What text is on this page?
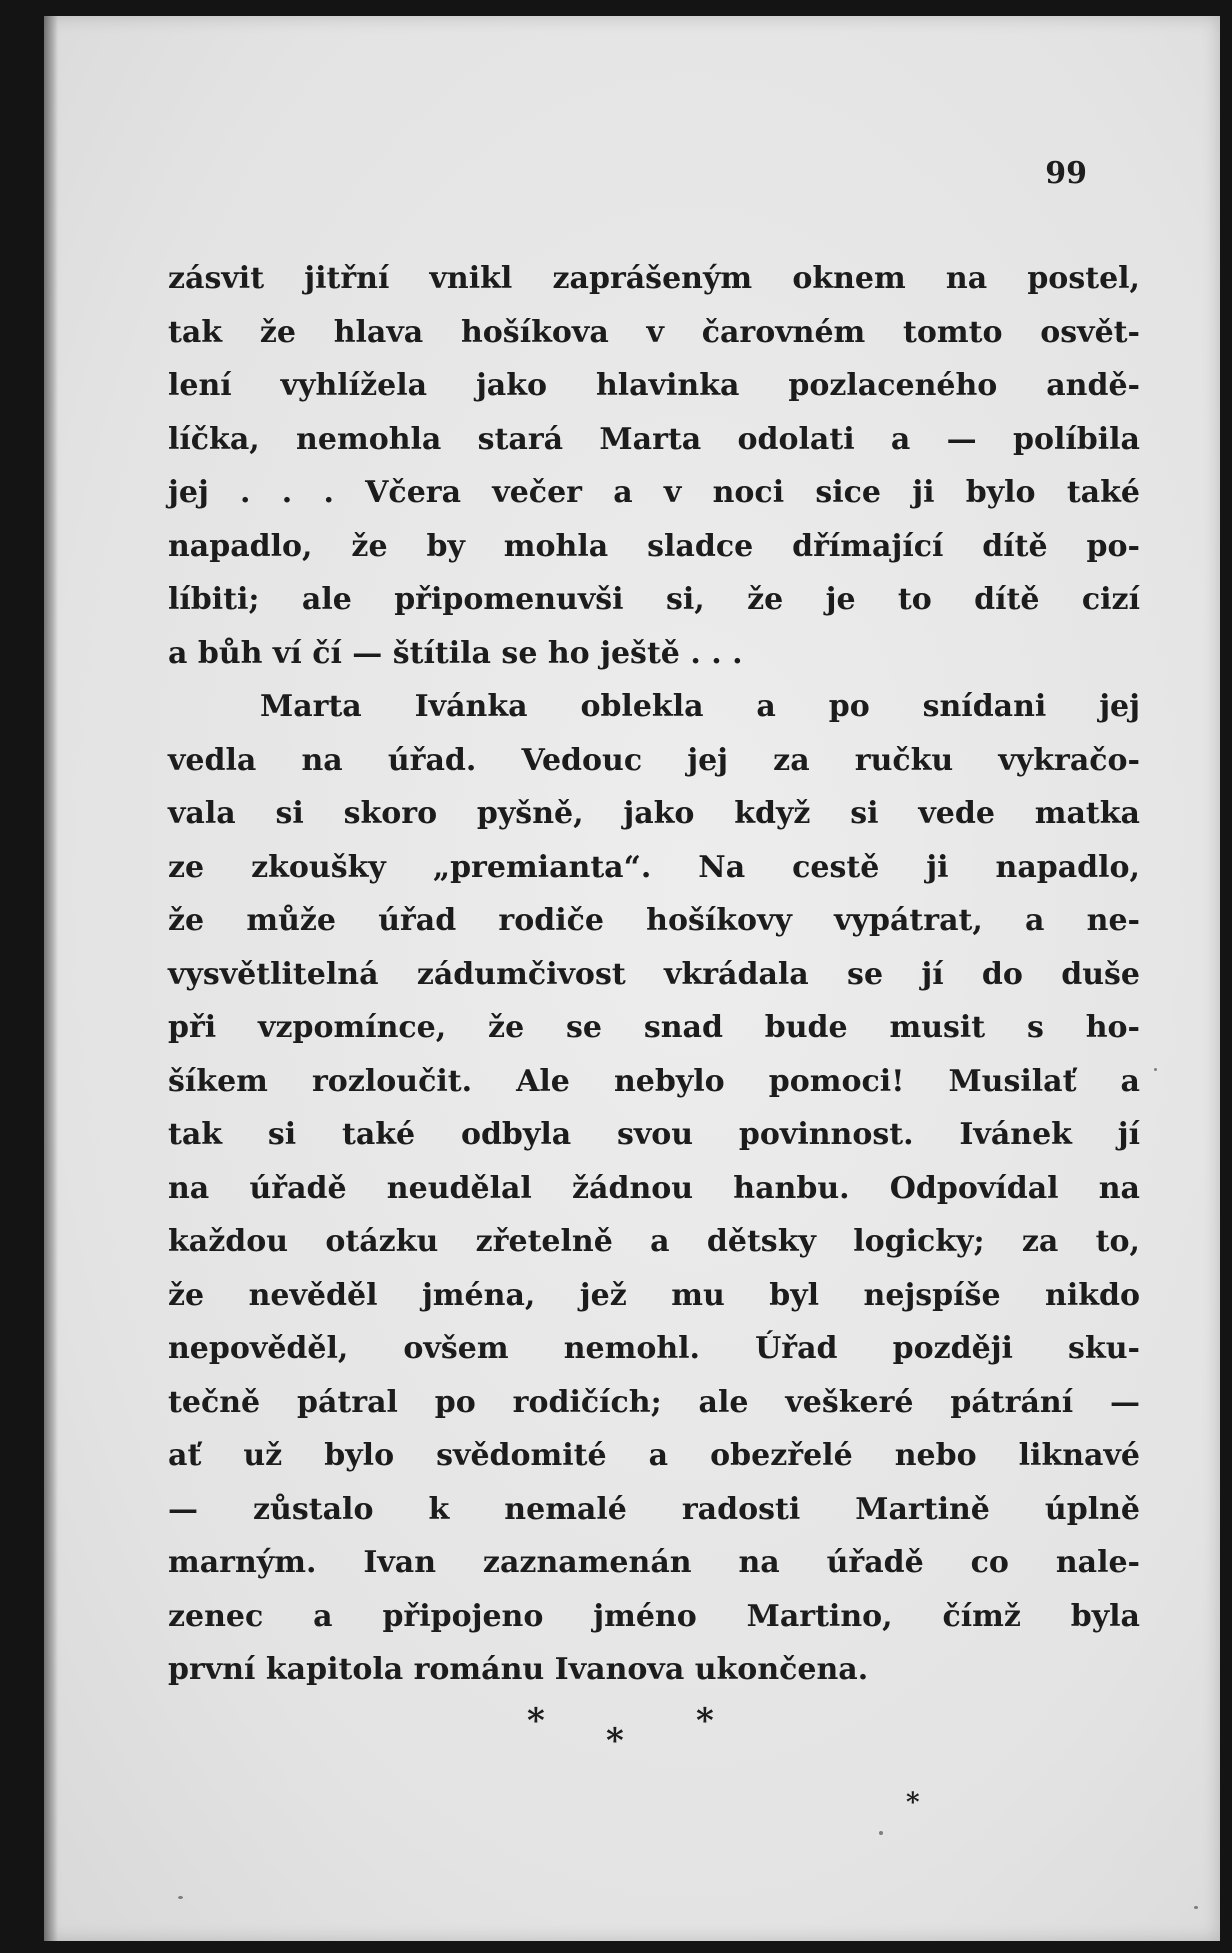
99

zásvit jitřní vnikl zaprášeným oknem na postel,
tak že hlava hošíkova v čarovném tomto osvět-
lení vyhlížela jako hlavinka pozlaceného andě-
líčka, nemohla stará Marta odolati a — políbila
jej . . . Včera večer a v noci sice ji bylo také
napadlo, že by mohla sladce dřímající dítě po-
líbiti; ale připomenuvši si, že je to dítě cizí
a bůh ví čí — štítila se ho ještě . . .
Marta Ivánka oblekla a po snídani jej
vedla na úřad. Vedouc jej za ručku vykračo-
vala si skoro pyšně, jako když si vede matka
ze zkoušky „premianta“. Na cestě ji napadlo,
že může úřad rodiče hošíkovy vypátrat, a ne-
vysvětlitelná zádumčivost vkrádala se jí do duše
při vzpomínce, že se snad bude musit s ho-
šíkem rozloučit. Ale nebylo pomoci! Musilať a
tak si také odbyla svou povinnost. Ivánek jí
na úřadě neudělal žádnou hanbu. Odpovídal na
každou otázku zřetelně a dětsky logicky; za to,
že nevěděl jména, jež mu byl nejspíše nikdo
nepověděl, ovšem nemohl. Úřad později sku-
tečně pátral po rodičích; ale veškeré pátrání —
ať už bylo svědomité a obezřelé nebo liknavé
— zůstalo k nemalé radosti Martině úplně
marným. Ivan zaznamenán na úřadě co nale-
zenec a připojeno jméno Martino, čímž byla
první kapitola románu Ivanova ukončena.
* * *
*
